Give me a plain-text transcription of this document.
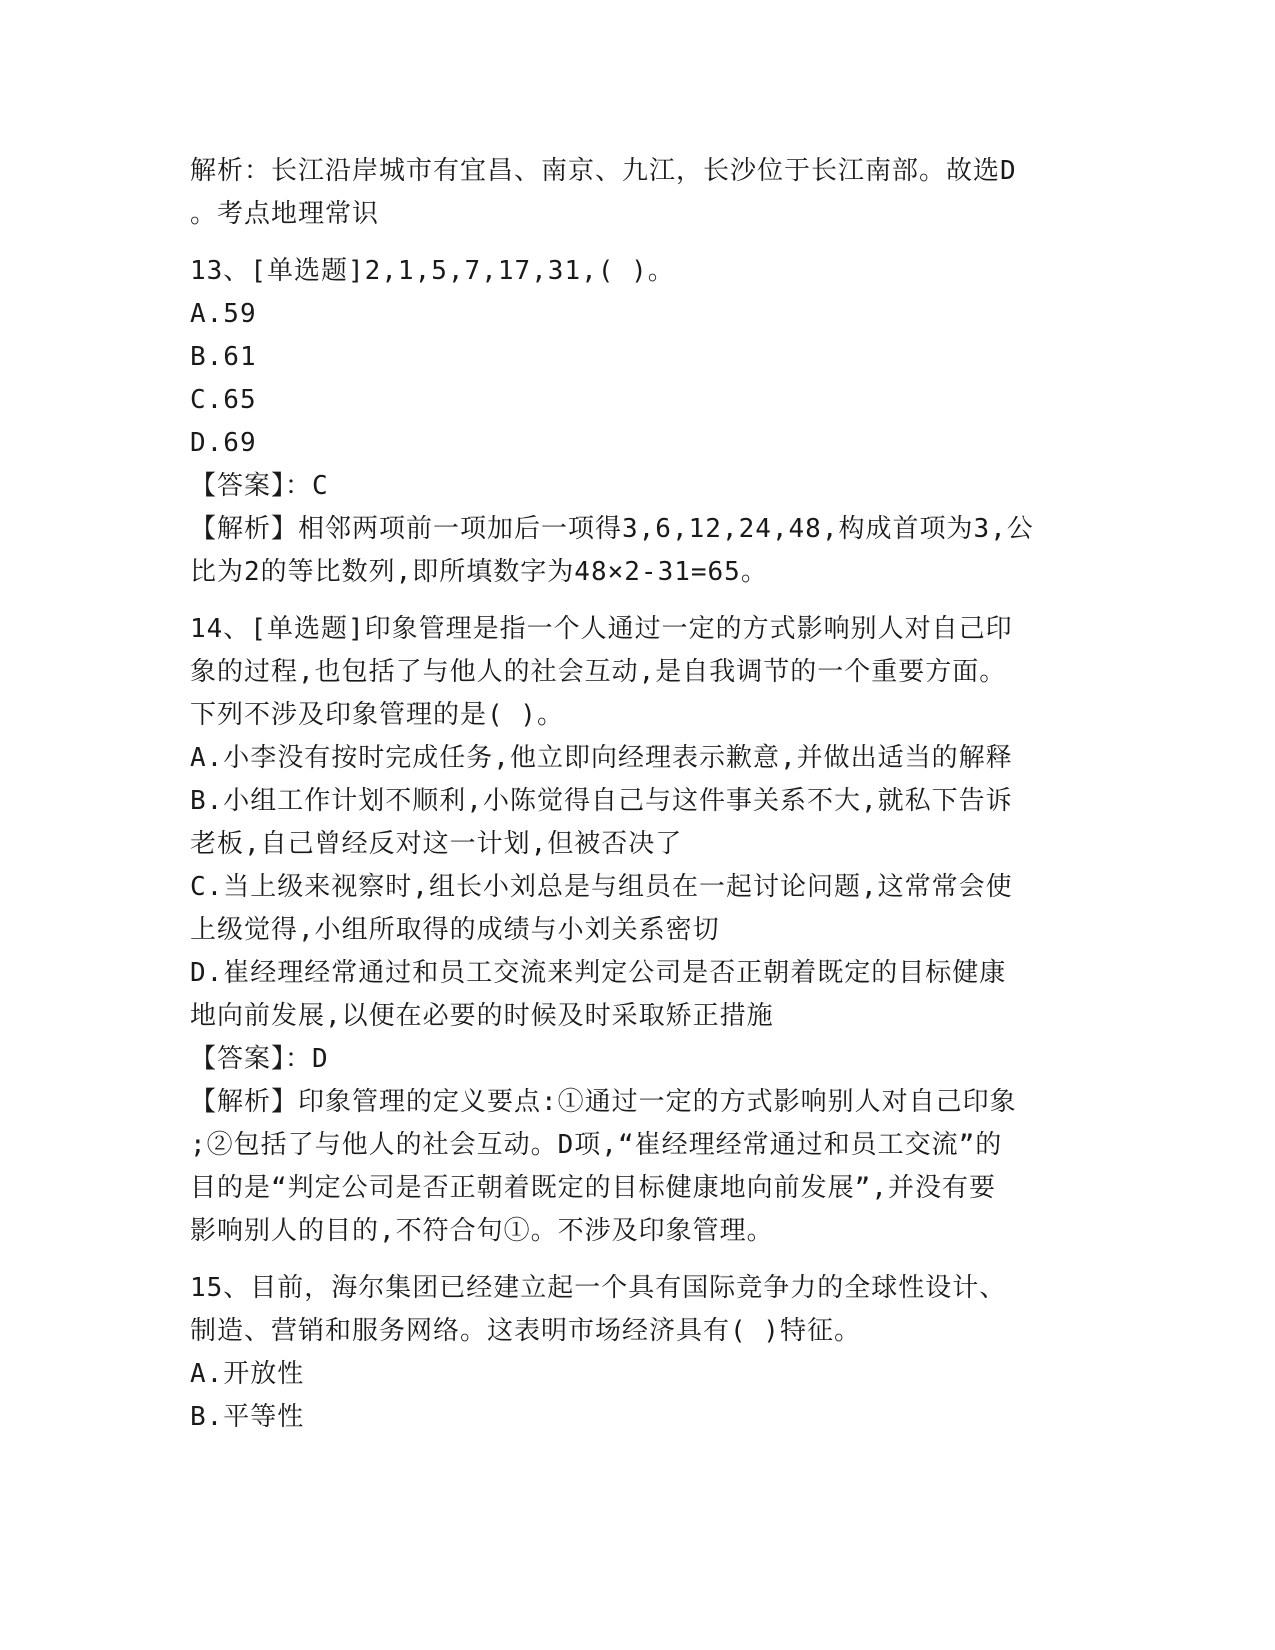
解析：长江沿岸城市有宜昌、南京、九江，长沙位于长江南部。故选D
。考点地理常识
13、[单选题]2,1,5,7,17,31,( )。
A.59
B.61
C.65
D.69
【答案】：C
【解析】相邻两项前一项加后一项得3,6,12,24,48,构成首项为3,公
比为2的等比数列,即所填数字为48×2-31=65。
14、[单选题]印象管理是指一个人通过一定的方式影响别人对自己印
象的过程,也包括了与他人的社会互动,是自我调节的一个重要方面。
下列不涉及印象管理的是( )。
A.小李没有按时完成任务,他立即向经理表示歉意,并做出适当的解释
B.小组工作计划不顺利,小陈觉得自己与这件事关系不大,就私下告诉
老板,自己曾经反对这一计划,但被否决了
C.当上级来视察时,组长小刘总是与组员在一起讨论问题,这常常会使
上级觉得,小组所取得的成绩与小刘关系密切
D.崔经理经常通过和员工交流来判定公司是否正朝着既定的目标健康
地向前发展,以便在必要的时候及时采取矫正措施
【答案】：D
【解析】印象管理的定义要点:①通过一定的方式影响别人对自己印象
;②包括了与他人的社会互动。D项,“崔经理经常通过和员工交流”的
目的是“判定公司是否正朝着既定的目标健康地向前发展”,并没有要
影响别人的目的,不符合句①。不涉及印象管理。
15、目前，海尔集团已经建立起一个具有国际竞争力的全球性设计、
制造、营销和服务网络。这表明市场经济具有( )特征。
A.开放性
B.平等性
